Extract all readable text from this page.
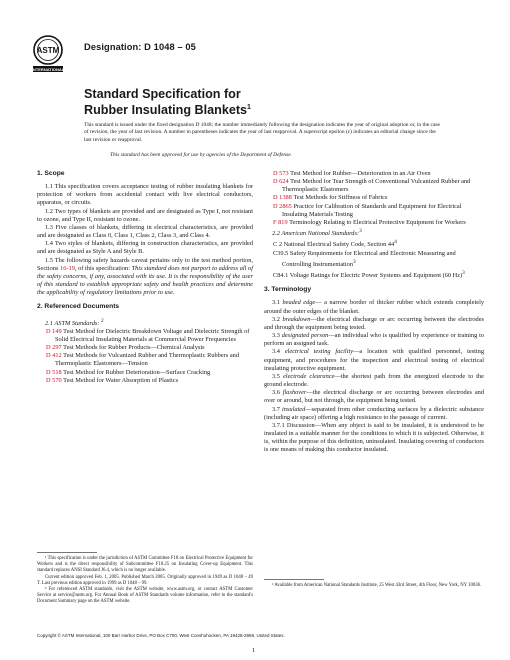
ASTM
INTERNATIONAL
Designation: D 1048 – 05
Standard Specification for
Rubber Insulating Blankets$^1$
This standard is issued under the fixed designation D 1048; the number immediately following the designation indicates the year of original adoption or, in the case of revision, the year of last revision. A number in parentheses indicates the year of last reapproval. A superscript epsilon (ε) indicates an editorial change since the last revision or reapproval.
This standard has been approved for use by agencies of the Department of Defense.
1. Scope

1.1 This specification covers acceptance testing of rubber insulating blankets for protection of workers from accidental contact with live electrical conductors, apparatus, or circuits.

1.2 Two types of blankets are provided and are designated as Type I, not resistant to ozone, and Type II, resistant to ozone.

1.3 Five classes of blankets, differing in electrical characteristics, are provided and are designated as Class 0, Class 1, Class 2, Class 3, and Class 4.

1.4 Two styles of blankets, differing in construction characteristics, are provided and are designated as Style A and Style B.

1.5 The following safety hazards caveat pertains only to the test method portion, Sections 16-19, of this specification: This standard does not purport to address all of the safety concerns, if any, associated with its use. It is the responsibility of the user of this standard to establish appropriate safety and health practices and determine the applicability of regulatory limitations prior to use.

2. Referenced Documents

2.1 ASTM Standards: $^2$

D 149 Test Method for Dielectric Breakdown Voltage and Dielectric Strength of Solid Electrical Insulating Materials at Commercial Power Frequencies
D 297 Test Methods for Rubber Products—Chemical Analysis
D 412 Test Methods for Vulcanized Rubber and Thermoplastic Rubbers and Thermoplastic Elastomers—Tension
D 518 Test Method for Rubber Deterioration—Surface Cracking
D 570 Test Method for Water Absorption of Plastics
D 573 Test Method for Rubber—Deterioration in an Air Oven
D 624 Test Method for Tear Strength of Conventional Vulcanized Rubber and Thermoplastic Elastomers
D 1388 Test Methods for Stiffness of Fabrics
D 2865 Practice for Calibration of Standards and Equipment for Electrical Insulating Materials Testing
F 819 Terminology Relating to Electrical Protective Equipment for Workers

2.2 American National Standards:$^3$

C 2 National Electrical Safety Code, Section $44^4$
C39.5 Safety Requirements for Electrical and Electronic Measuring and Controlling Instrumentation$^3$
C84.1 Voltage Ratings for Electric Power Systems and Equipment (60 Hz)$^3$
3. Terminology

3.1 beaded edge— a narrow border of thicker rubber which extends completely around the outer edges of the blanket.

3.2 breakdown—the electrical discharge or arc occurring between the electrodes and through the equipment being tested.

3.3 designated person—an individual who is qualified by experience or training to perform an assigned task.

3.4 electrical testing facility—a location with qualified personnel, testing equipment, and procedures for the inspection and electrical testing of electrical insulating protective equipment.

3.5 electrode clearance—the shortest path from the energized electrode to the ground electrode.

3.6 flashover—the electrical discharge or arc occurring between electrodes and over or around, but not through, the equipment being tested.

3.7 insulated—separated from other conducting surfaces by a dielectric substance (including air space) offering a high resistance to the passage of current.

3.7.1 Discussion—When any object is said to be insulated, it is understood to be insulated in a suitable manner for the conditions to which it is subjected. Otherwise, it is, within the purpose of this definition, uninsulated. Insulating covering of conductors is one means of making this conductor insulated.

¹ This specification is under the jurisdiction of ASTM Committee F18 on Electrical Protective Equipment for Workers and is the direct responsibility of Subcommittee F18.25 on Insulating Cover-up Equipment. This standard replaces ANSI Standard J6.4, which is no longer available.

Current edition approved Feb. 1, 2005. Published March 2005. Originally approved in 1949 as D 1048 – 49 T. Last previous edition approved in 1999 as D 1048 – 99.

² For referenced ASTM standards, visit the ASTM website, www.astm.org, or contact ASTM Customer Service at service@astm.org. For Annual Book of ASTM Standards volume information, refer to the standard's Document Summary page on the ASTM website.

³ Available from American National Standards Institute, 25 West 43rd Street, 4th Floor, New York, NY 10036.

Copyright © ASTM International, 100 Barr Harbor Drive, PO Box C700, West Conshohocken, PA 19428-2959, United States.
1
